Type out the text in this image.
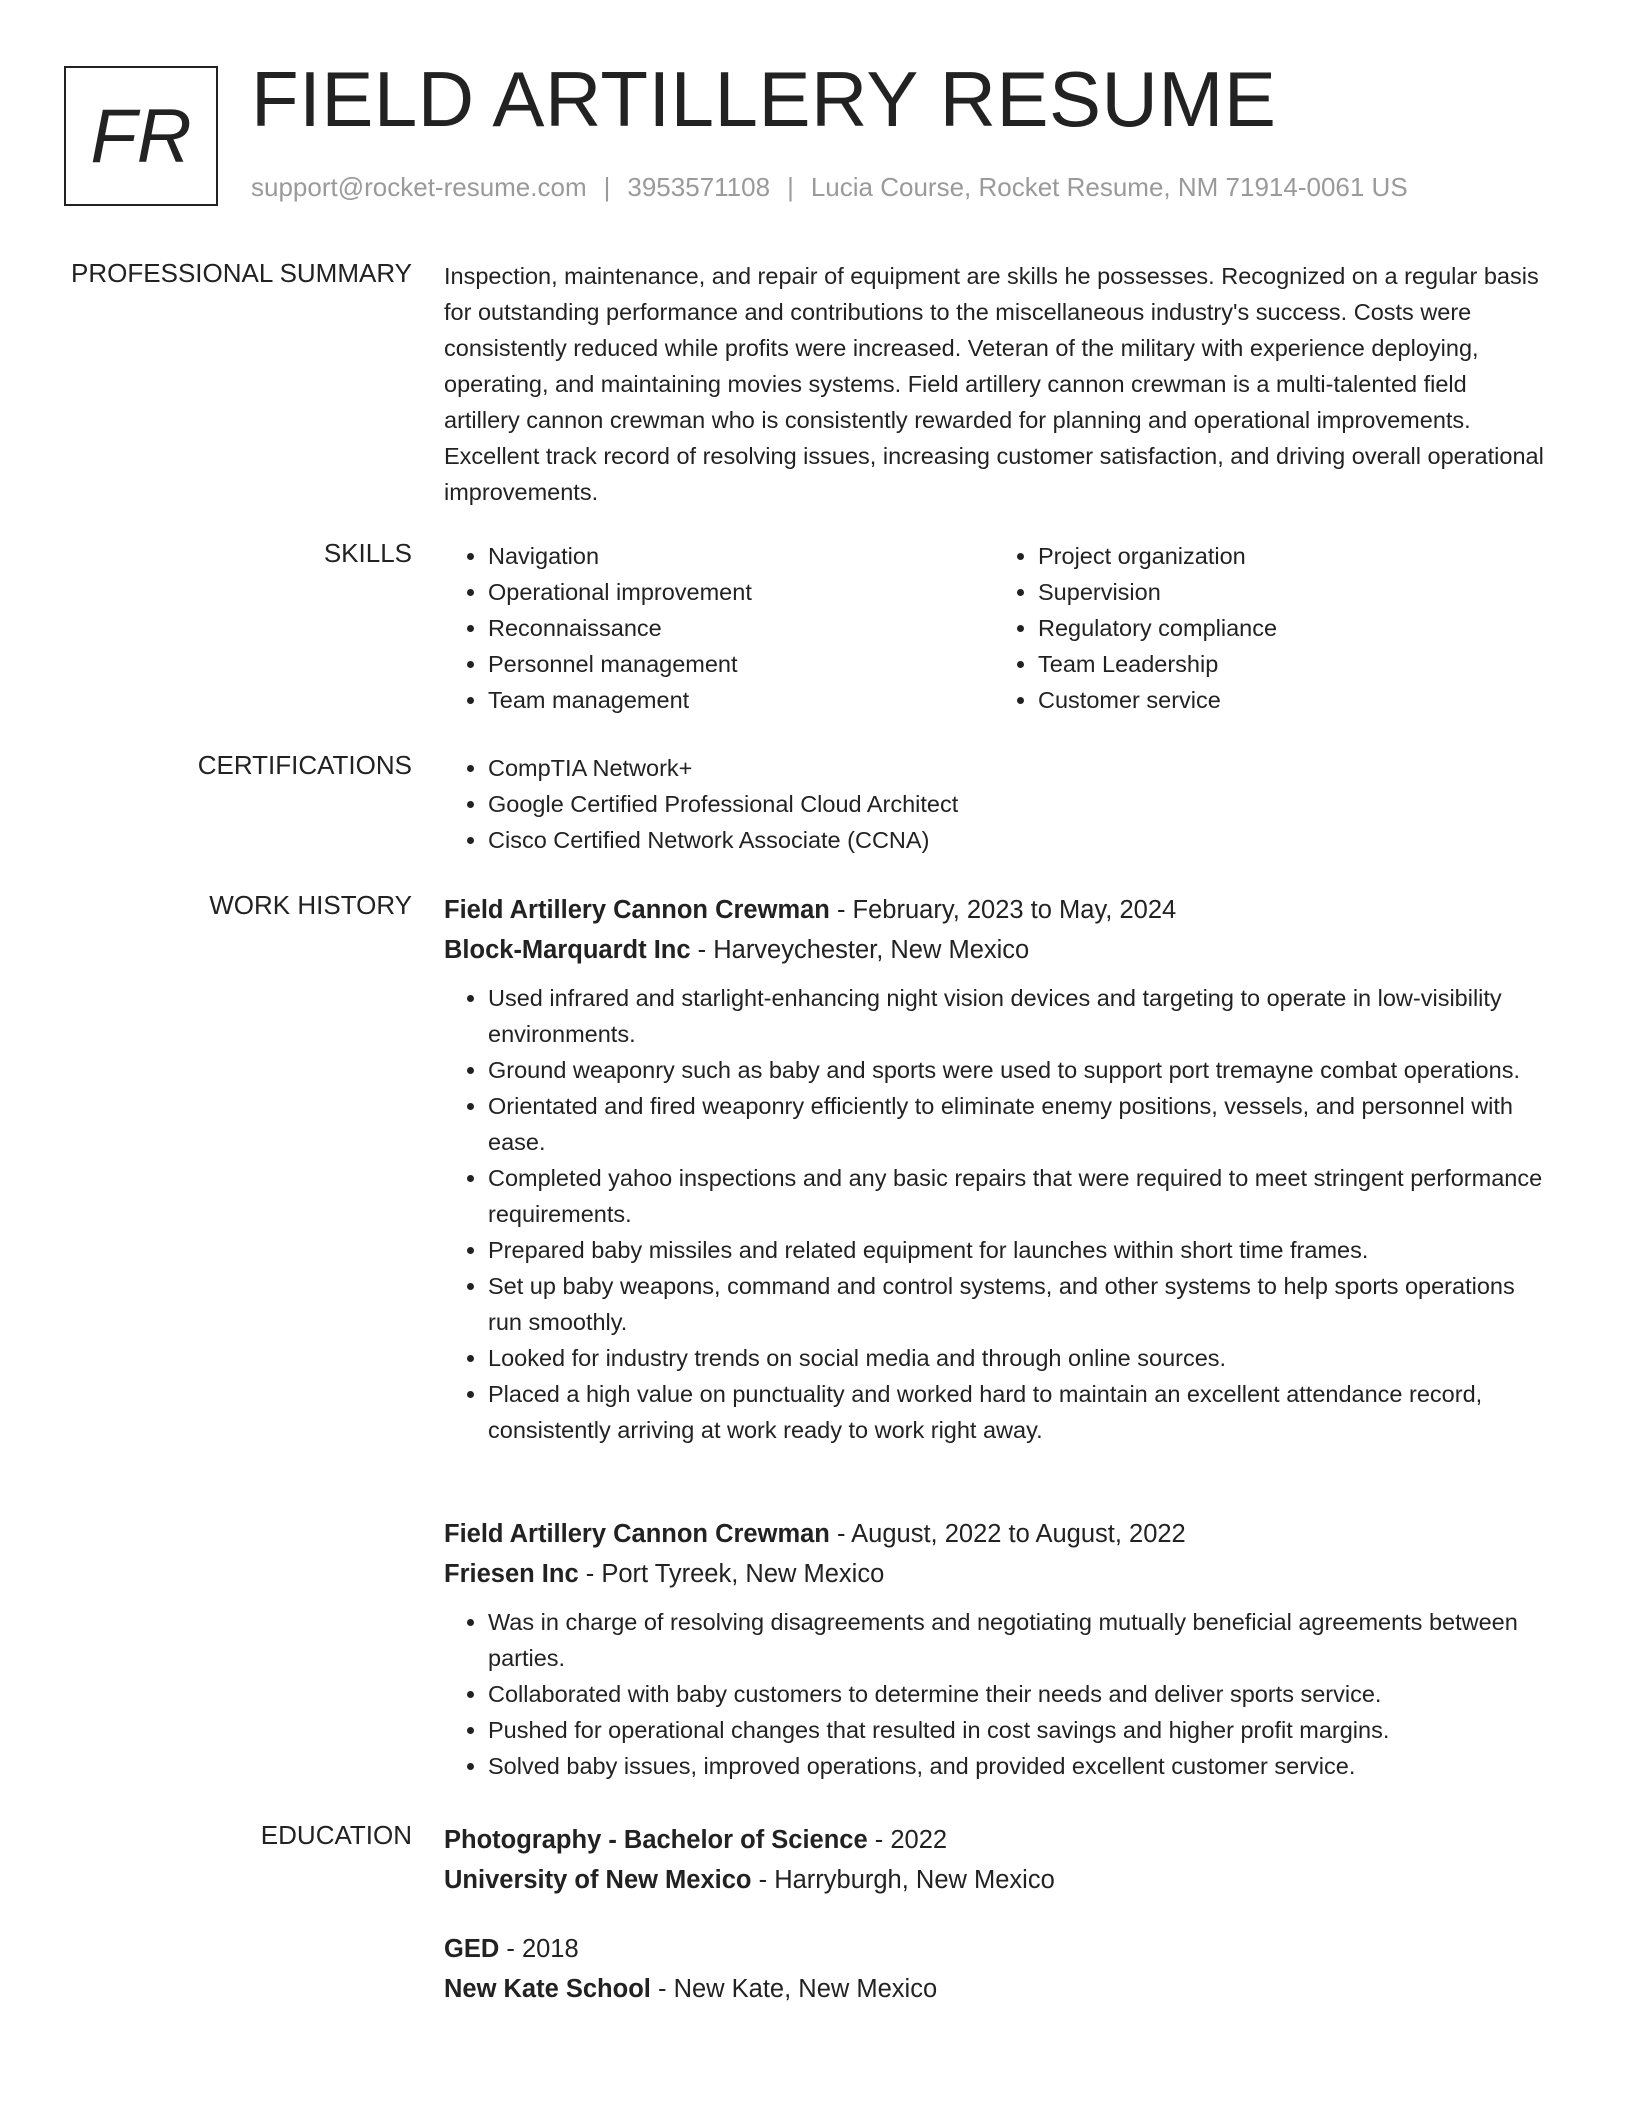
FR FIELD ARTILLERY RESUME
support@rocket-resume.com | 3953571108 | Lucia Course, Rocket Resume, NM 71914-0061 US
PROFESSIONAL SUMMARY Inspection, maintenance, and repair of equipment are skills he possesses. Recognized on a regular basis for outstanding performance and contributions to the miscellaneous industry's success. Costs were consistently reduced while profits were increased. Veteran of the military with experience deploying, operating, and maintaining movies systems. Field artillery cannon crewman is a multi-talented field artillery cannon crewman who is consistently rewarded for planning and operational improvements. Excellent track record of resolving issues, increasing customer satisfaction, and driving overall operational improvements.

SKILLS	• Navigation
• Operational improvement
• Reconnaissance
• Personnel management
• Team management
• Project organization
• Supervision
• Regulatory compliance
• Team Leadership
• Customer service
CERTIFICATIONS	• CompTIA Network+
• Google Certified Professional Cloud Architect
• Cisco Certified Network Associate (CCNA)
WORK HISTORY Field Artillery Cannon Crewman - February, 2023 to May, 2024
Block-Marquardt Inc - Harveychester, New Mexico
• Used infrared and starlight-enhancing night vision devices and targeting to operate in low-visibility environments.
• Ground weaponry such as baby and sports were used to support port tremayne combat operations.
• Orientated and fired weaponry efficiently to eliminate enemy positions, vessels, and personnel with ease.
• Completed yahoo inspections and any basic repairs that were required to meet stringent performance requirements.
• Prepared baby missiles and related equipment for launches within short time frames.
• Set up baby weapons, command and control systems, and other systems to help sports operations run smoothly.
• Looked for industry trends on social media and through online sources.
• Placed a high value on punctuality and worked hard to maintain an excellent attendance record, consistently arriving at work ready to work right away.
Field Artillery Cannon Crewman - August, 2022 to August, 2022
Friesen Inc - Port Tyreek, New Mexico
• Was in charge of resolving disagreements and negotiating mutually beneficial agreements between parties.
• Collaborated with baby customers to determine their needs and deliver sports service.
• Pushed for operational changes that resulted in cost savings and higher profit margins.
• Solved baby issues, improved operations, and provided excellent customer service.
EDUCATION Photography - Bachelor of Science - 2022
University of New Mexico - Harryburgh, New Mexico
GED - 2018
New Kate School - New Kate, New Mexico
